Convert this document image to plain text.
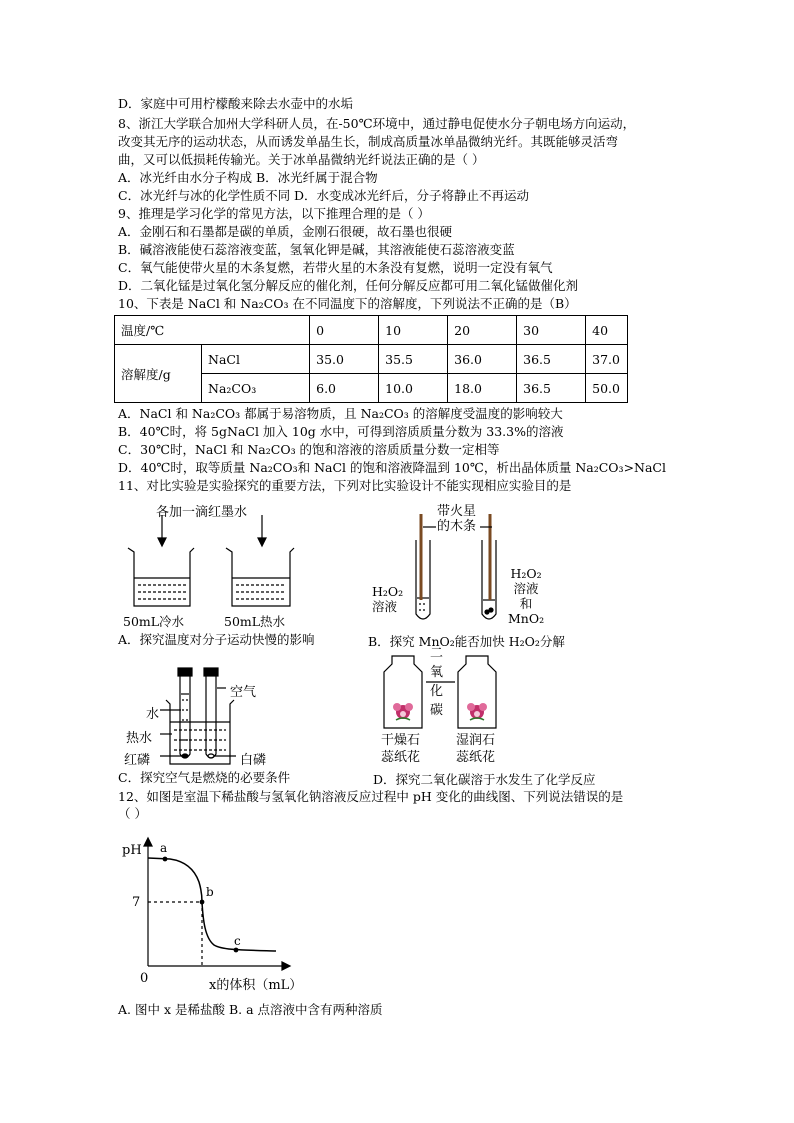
D．家庭中可用柠檬酸来除去水壶中的水垢
8、浙江大学联合加州大学科研人员，在-50℃环境中，通过静电促使水分子朝电场方向运动，
改变其无序的运动状态，从而诱发单晶生长，制成高质量冰单晶微纳光纤。其既能够灵活弯
曲，又可以低损耗传输光。关于冰单晶微纳光纤说法正确的是（ ）
A．冰光纤由水分子构成 B．冰光纤属于混合物
C．冰光纤与冰的化学性质不同 D．水变成冰光纤后，分子将静止不再运动
9、推理是学习化学的常见方法，以下推理合理的是（ ）
A．金刚石和石墨都是碳的单质，金刚石很硬，故石墨也很硬
B．碱溶液能使石蕊溶液变蓝，氢氧化钾是碱，其溶液能使石蕊溶液变蓝
C．氧气能使带火星的木条复燃，若带火星的木条没有复燃，说明一定没有氧气
D．二氧化锰是过氧化氢分解反应的催化剂，任何分解反应都可用二氧化锰做催化剂
10、下表是 NaCl 和 Na₂CO₃ 在不同温度下的溶解度，下列说法不正确的是（B）
温度/℃		0	10	20	30	40
溶解度/g	NaCl	35.0	35.5	36.0	36.5	37.0
	Na₂CO₃	6.0	10.0	18.0	36.5	50.0
A．NaCl 和 Na₂CO₃ 都属于易溶物质，且 Na₂CO₃ 的溶解度受温度的影响较大
B．40℃时，将 5gNaCl 加入 10g 水中，可得到溶质质量分数为 33.3%的溶液
C．30℃时，NaCl 和 Na₂CO₃ 的饱和溶液的溶质质量分数一定相等
D．40℃时，取等质量 Na₂CO₃和 NaCl 的饱和溶液降温到 10℃，析出晶体质量 Na₂CO₃>NaCl
11、对比实验是实验探究的重要方法，下列对比实验设计不能实现相应实验目的是
各加一滴红墨水
50mL冷水	50mL热水
A．探究温度对分子运动快慢的影响
带火星
的木条
H₂O₂
溶液
H₂O₂
溶液
和
MnO₂
B．探究 MnO₂能否加快 H₂O₂分解
空气
水
热水
红磷	白磷
C．探究空气是燃烧的必要条件
二
氧
化
碳
干燥石
蕊纸花
湿润石
蕊纸花
D．探究二氧化碳溶于水发生了化学反应
12、如图是室温下稀盐酸与氢氧化钠溶液反应过程中 pH 变化的曲线图、下列说法错误的是
（ ）
pH
7
0	x的体积（mL）
a
b
c
A. 图中 x 是稀盐酸 B. a 点溶液中含有两种溶质
